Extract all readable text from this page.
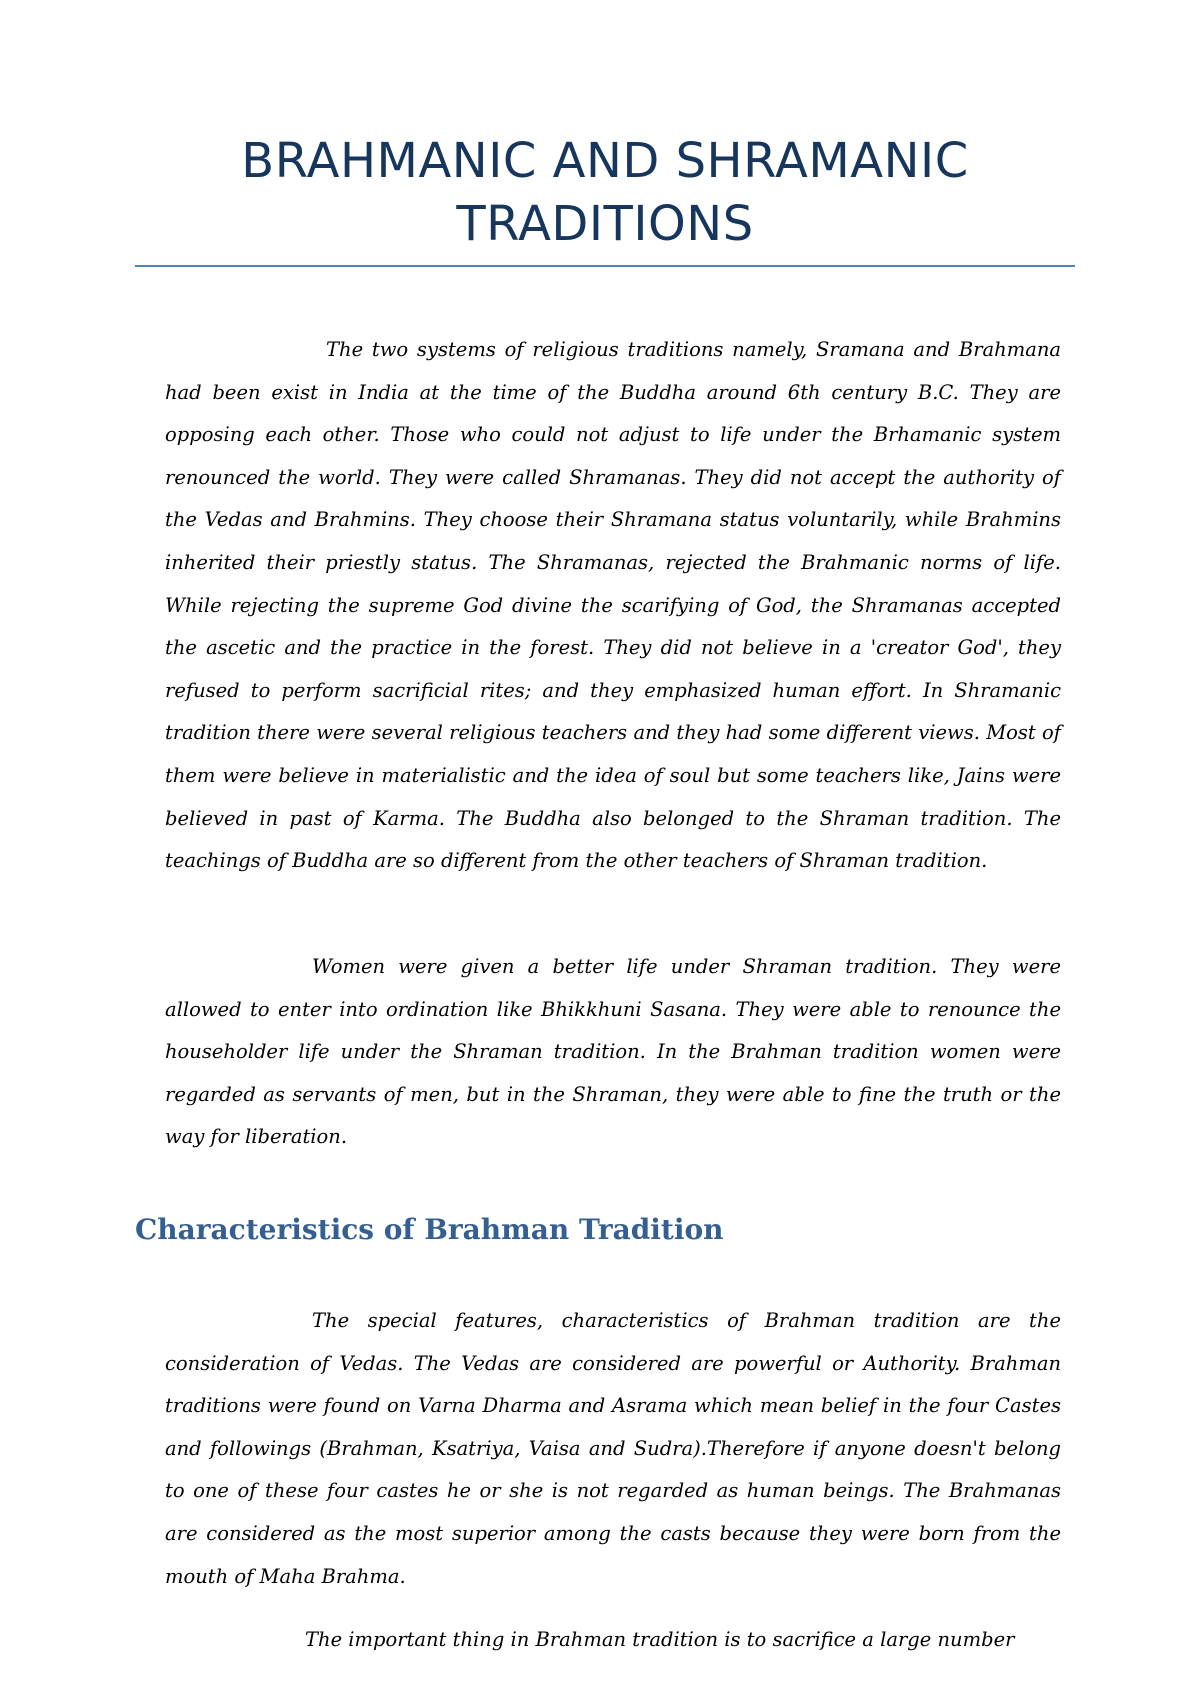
BRAHMANIC AND SHRAMANIC TRADITIONS

The two systems of religious traditions namely, Sramana and Brahmana had been exist in India at the time of the Buddha around 6th century B.C. They are opposing each other. Those who could not adjust to life under the Brhamanic system renounced the world. They were called Shramanas. They did not accept the authority of the Vedas and Brahmins. They choose their Shramana status voluntarily, while Brahmins inherited their priestly status. The Shramanas, rejected the Brahmanic norms of life. While rejecting the supreme God divine the scarifying of God, the Shramanas accepted the ascetic and the practice in the forest. They did not believe in a 'creator God', they refused to perform sacrificial rites; and they emphasized human effort. In Shramanic tradition there were several religious teachers and they had some different views. Most of them were believe in materialistic and the idea of soul but some teachers like, Jains were believed in past of Karma. The Buddha also belonged to the Shraman tradition. The teachings of Buddha are so different from the other teachers of Shraman tradition.

Women were given a better life under Shraman tradition. They were allowed to enter into ordination like Bhikkhuni Sasana. They were able to renounce the householder life under the Shraman tradition. In the Brahman tradition women were regarded as servants of men, but in the Shraman, they were able to fine the truth or the way for liberation.

Characteristics of Brahman Tradition

The special features, characteristics of Brahman tradition are the consideration of Vedas. The Vedas are considered are powerful or Authority. Brahman traditions were found on Varna Dharma and Asrama which mean belief in the four Castes and followings (Brahman, Ksatriya, Vaisa and Sudra).Therefore if anyone doesn't belong to one of these four castes he or she is not regarded as human beings. The Brahmanas are considered as the most superior among the casts because they were born from the mouth of Maha Brahma.

The important thing in Brahman tradition is to sacrifice a large number
